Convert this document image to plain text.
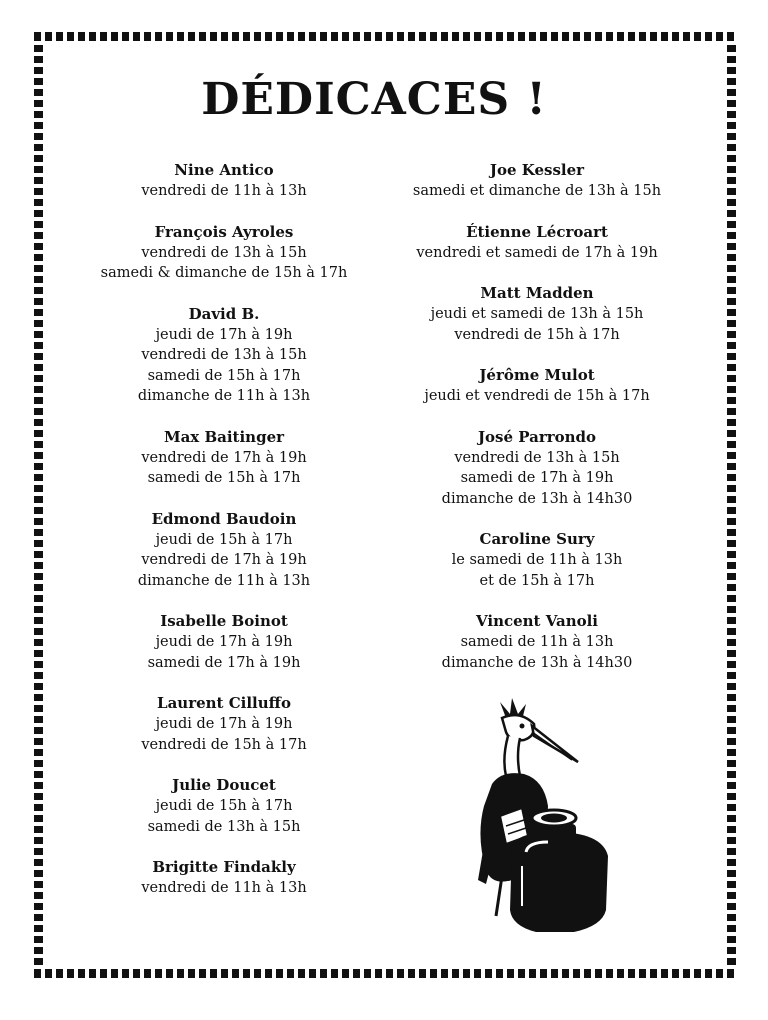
DÉDICACES !
Nine Antico
vendredi de 11h à 13h
François Ayroles
vendredi de 13h à 15h
samedi & dimanche de 15h à 17h
David B.
jeudi de 17h à 19h
vendredi de 13h à 15h
samedi de 15h à 17h
dimanche de 11h à 13h
Max Baitinger
vendredi de 17h à 19h
samedi de 15h à 17h
Edmond Baudoin
jeudi de 15h à 17h
vendredi de 17h à 19h
dimanche de 11h à 13h
Isabelle Boinot
jeudi de 17h à 19h
samedi de 17h à 19h
Laurent Cilluffo
jeudi de 17h à 19h
vendredi de 15h à 17h
Julie Doucet
jeudi de 15h à 17h
samedi de 13h à 15h
Brigitte Findakly
vendredi de 11h à 13h
Joe Kessler
samedi et dimanche de 13h à 15h
Étienne Lécroart
vendredi et samedi de 17h à 19h
Matt Madden
jeudi et samedi de 13h à 15h
vendredi de 15h à 17h
Jérôme Mulot
jeudi et vendredi de 15h à 17h
José Parrondo
vendredi de 13h à 15h
samedi de 17h à 19h
dimanche de 13h à 14h30
Caroline Sury
le samedi de 11h à 13h
et de 15h à 17h
Vincent Vanoli
samedi de 11h à 13h
dimanche de 13h à 14h30
